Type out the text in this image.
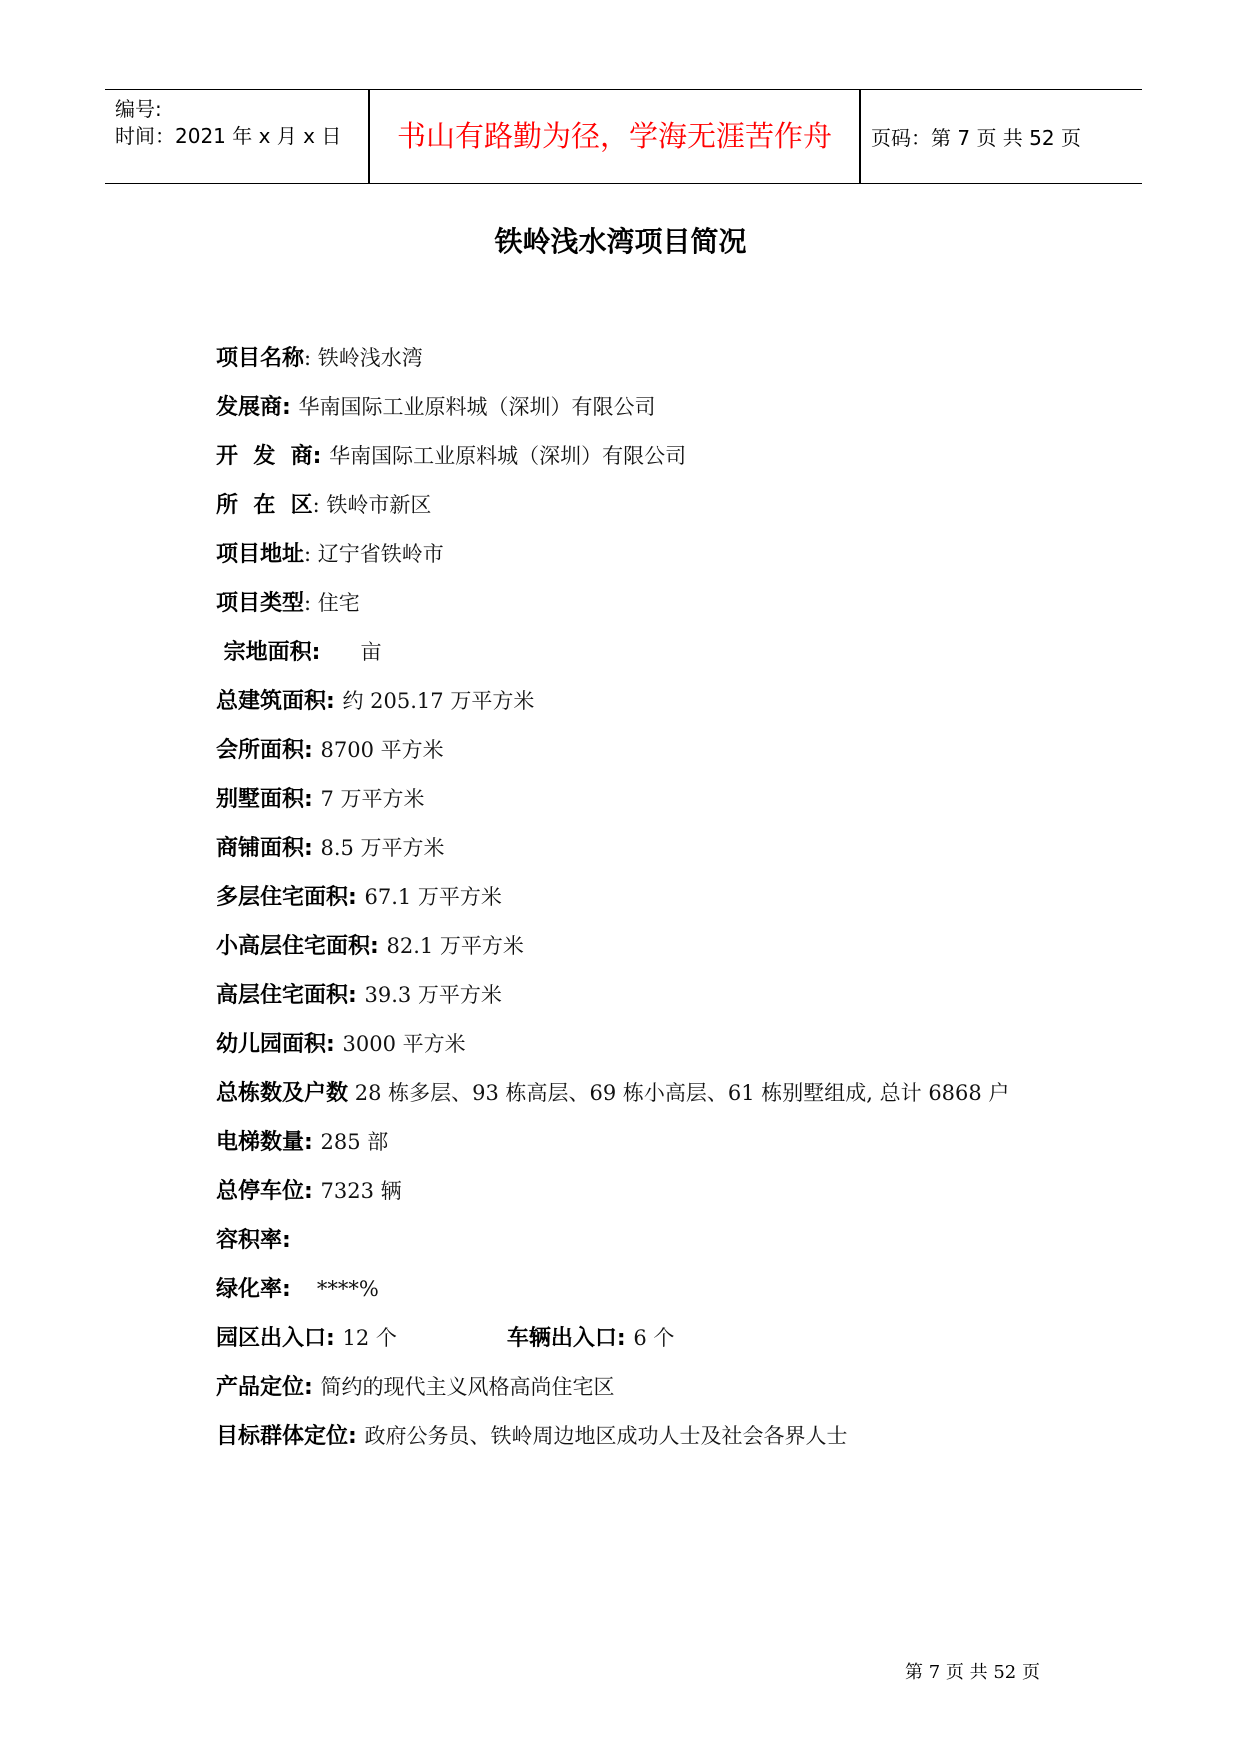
编号:
时间：2021 年 x 月 x 日	书山有路勤为径，学海无涯苦作舟	页码：第 7 页 共 52 页
铁岭浅水湾项目简况
项目名称: 铁岭浅水湾
发展商: 华南国际工业原料城（深圳）有限公司
开  发  商: 华南国际工业原料城（深圳）有限公司
所  在  区: 铁岭市新区
项目地址: 辽宁省铁岭市
项目类型: 住宅
宗地面积: 亩
总建筑面积: 约 205.17 万平方米
会所面积: 8700 平方米
别墅面积: 7 万平方米
商铺面积: 8.5 万平方米
多层住宅面积: 67.1 万平方米
小高层住宅面积: 82.1 万平方米
高层住宅面积: 39.3 万平方米
幼儿园面积: 3000 平方米
总栋数及户数 28 栋多层、93 栋高层、69 栋小高层、61 栋别墅组成, 总计 6868 户
电梯数量: 285 部
总停车位: 7323 辆
容积率:
绿化率: ****%
园区出入口: 12 个	车辆出入口: 6 个
产品定位: 简约的现代主义风格高尚住宅区
目标群体定位: 政府公务员、铁岭周边地区成功人士及社会各界人士
第 7 页 共 52 页
